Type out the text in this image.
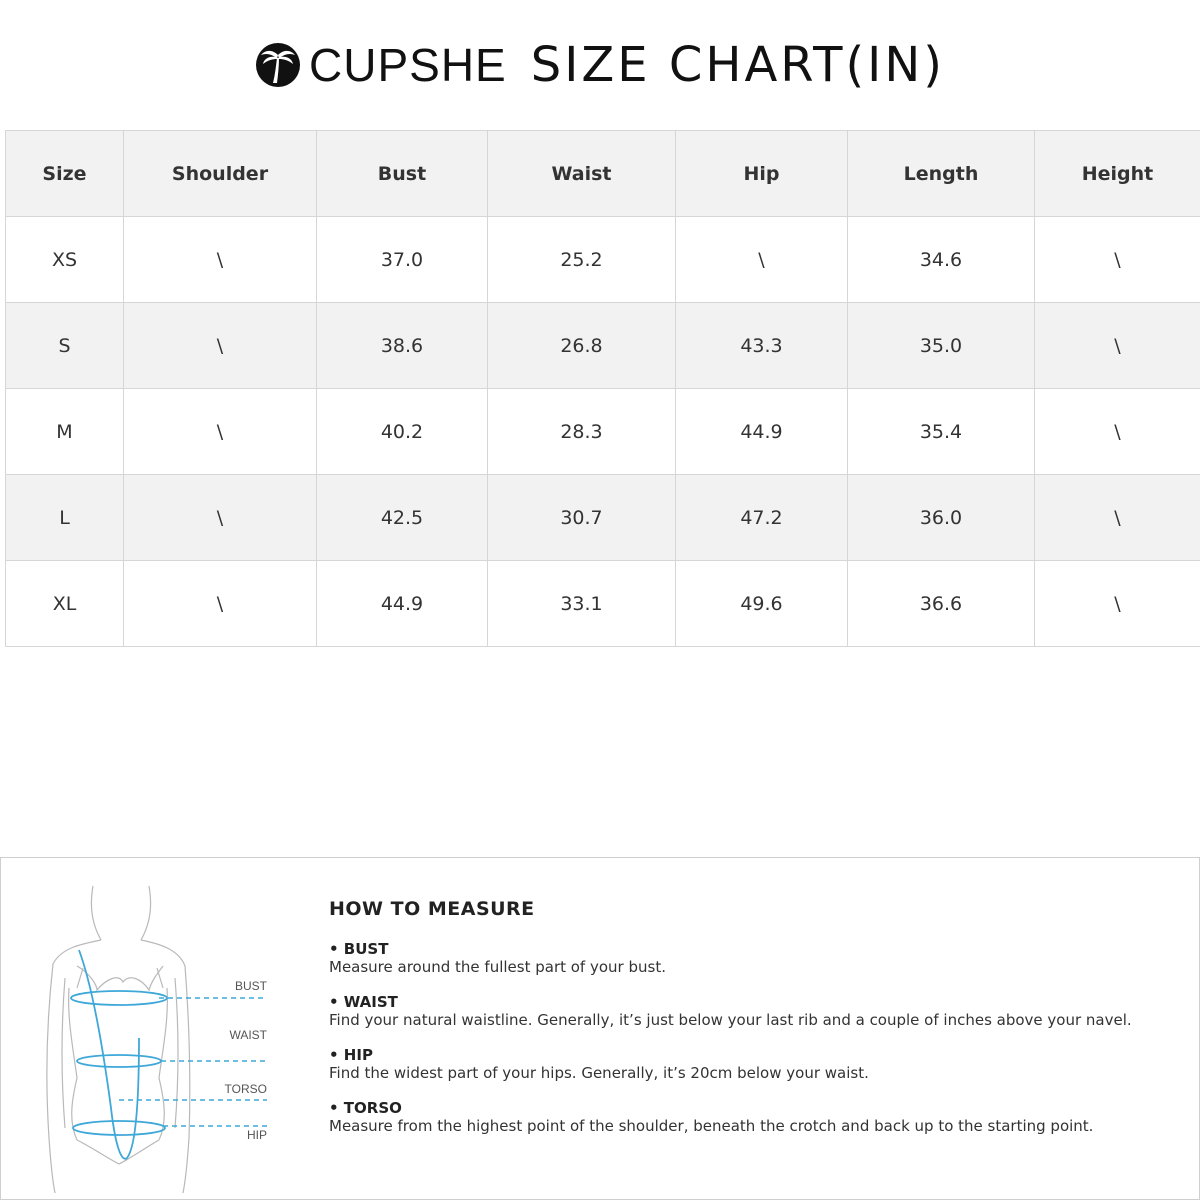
CUPSHE SIZE CHART(IN)
Size	Shoulder	Bust	Waist	Hip	Length	Height
XS	\	37.0	25.2	\	34.6	\
S	\	38.6	26.8	43.3	35.0	\
M	\	40.2	28.3	44.9	35.4	\
L	\	42.5	30.7	47.2	36.0	\
XL	\	44.9	33.1	49.6	36.6	\
BUST
WAIST
TORSO
HIP
HOW TO MEASURE
• BUST
Measure around the fullest part of your bust.
• WAIST
Find your natural waistline. Generally, it’s just below your last rib and a couple of inches above your navel.
• HIP
Find the widest part of your hips. Generally, it’s 20cm below your waist.
• TORSO
Measure from the highest point of the shoulder, beneath the crotch and back up to the starting point.
